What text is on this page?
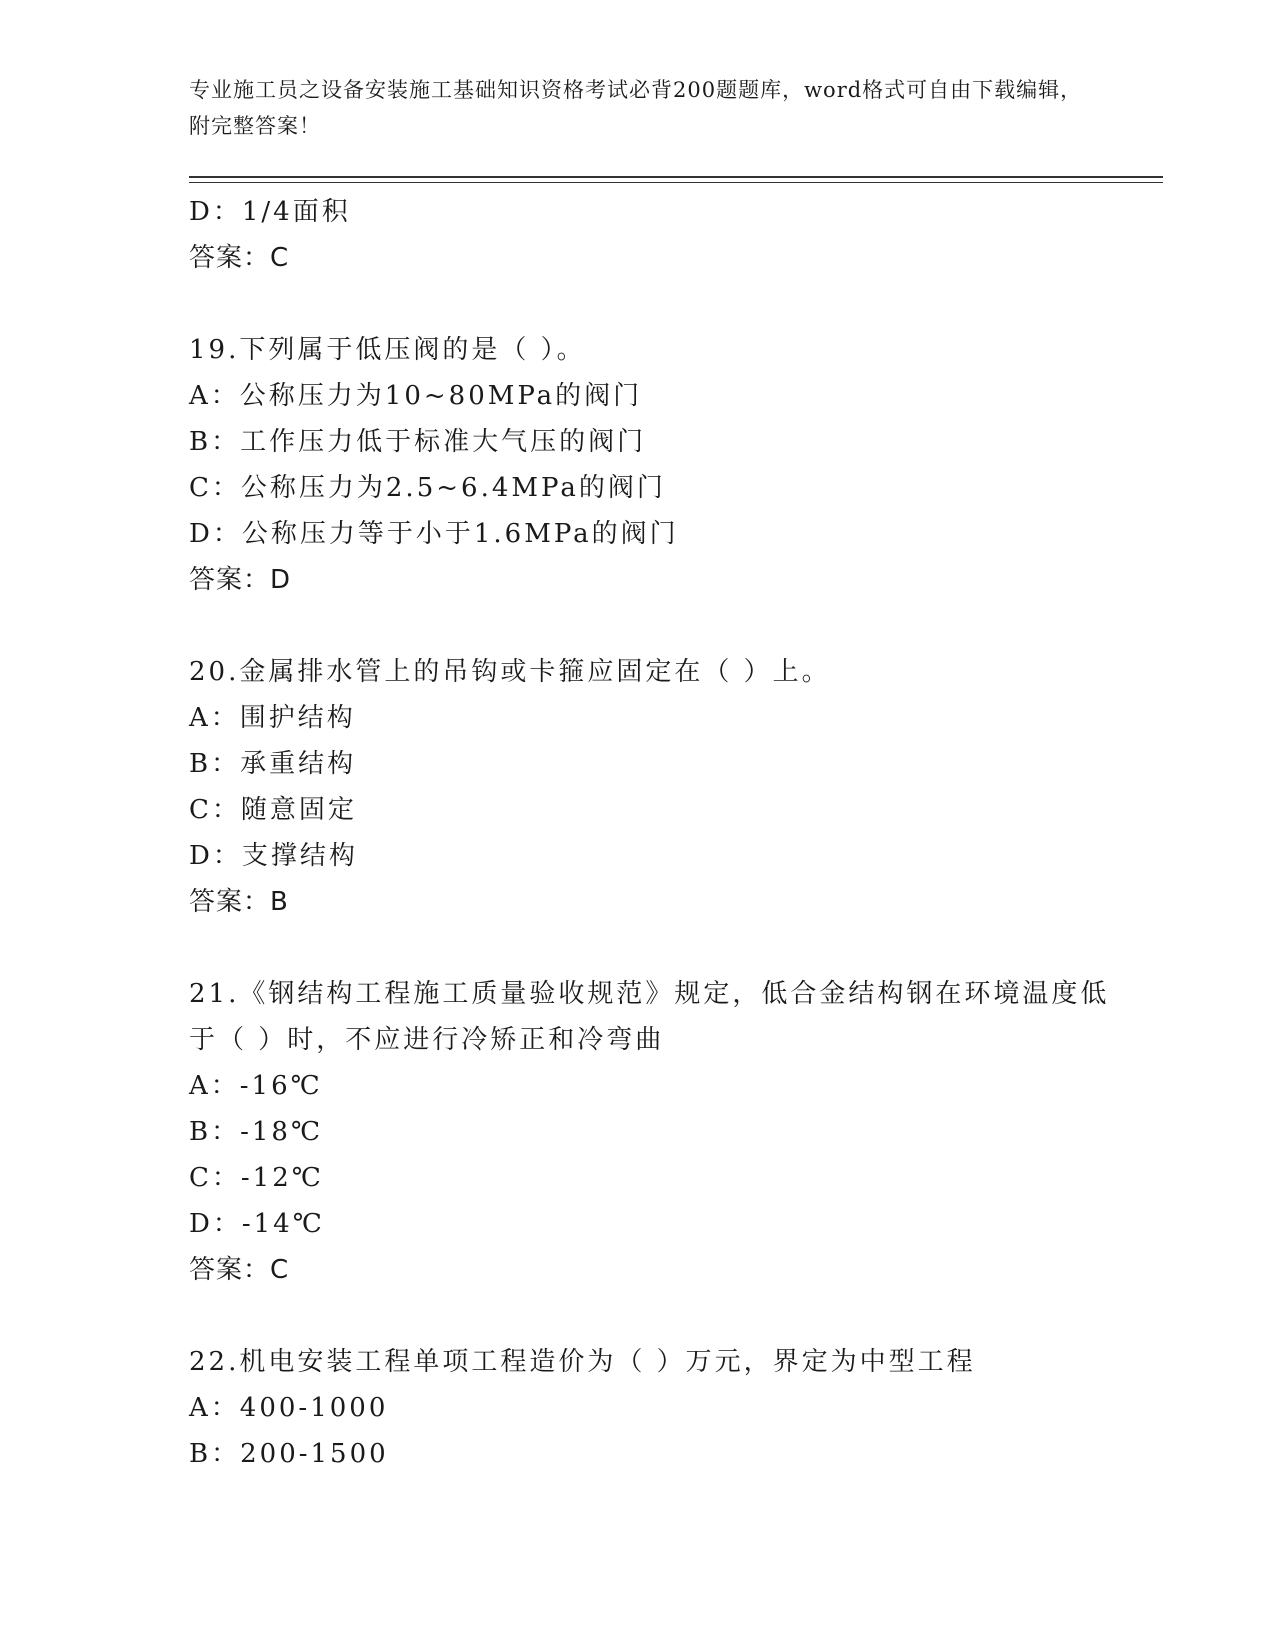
专业施工员之设备安装施工基础知识资格考试必背200题题库，word格式可自由下载编辑，附完整答案！
D：1/4面积
答案：C
19.下列属于低压阀的是（ ）。
A：公称压力为10~80MPa的阀门
B：工作压力低于标准大气压的阀门
C：公称压力为2.5~6.4MPa的阀门
D：公称压力等于小于1.6MPa的阀门
答案：D
20.金属排水管上的吊钩或卡箍应固定在（ ）上。
A：围护结构
B：承重结构
C：随意固定
D：支撑结构
答案：B
21.《钢结构工程施工质量验收规范》规定，低合金结构钢在环境温度低于（ ）时，不应进行冷矫正和冷弯曲
A：-16℃
B：-18℃
C：-12℃
D：-14℃
答案：C
22.机电安装工程单项工程造价为（ ）万元，界定为中型工程
A：400-1000
B：200-1500
